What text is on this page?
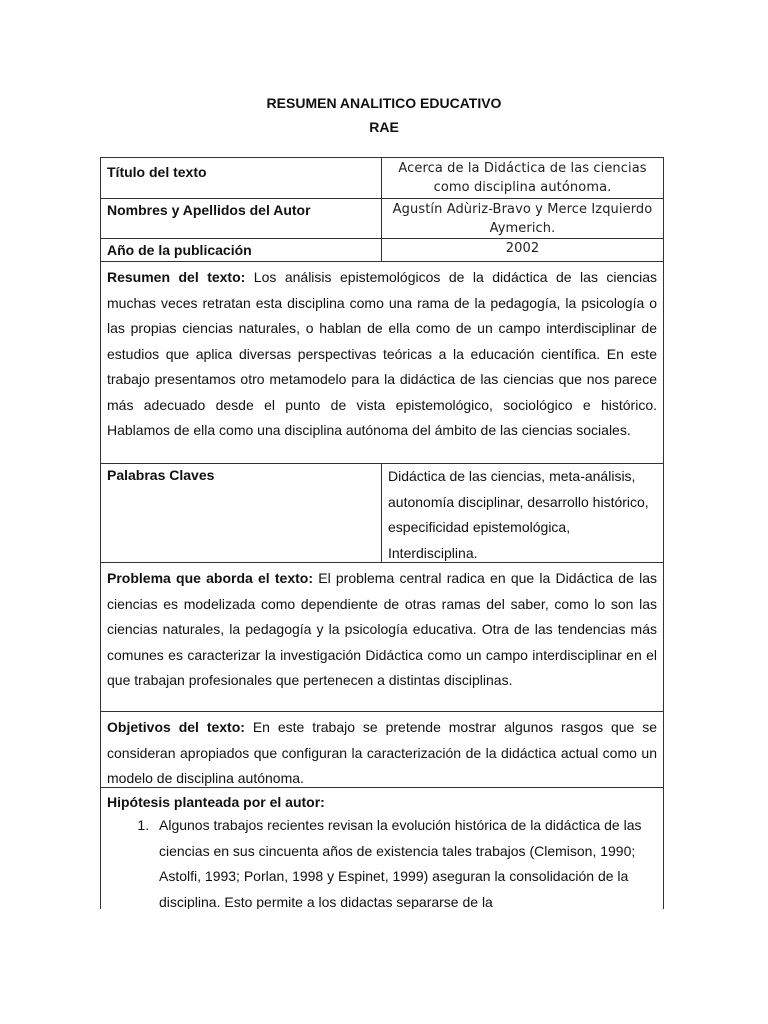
RESUMEN ANALITICO EDUCATIVO
RAE
Título del texto	Acerca de la Didáctica de las ciencias
como disciplina autónoma.
Nombres y Apellidos del Autor	Agustín Adùriz-Bravo y Merce Izquierdo
Aymerich.
Año de la publicación	2002

Resumen del texto: Los análisis epistemológicos de la didáctica de las ciencias muchas veces retratan esta disciplina como una rama de la pedagogía, la psicología o las propias ciencias naturales, o hablan de ella como de un campo interdisciplinar de estudios que aplica diversas perspectivas teóricas a la educación científica. En este trabajo presentamos otro metamodelo para la didáctica de las ciencias que nos parece más adecuado desde el punto de vista epistemológico, sociológico e histórico. Hablamos de ella como una disciplina autónoma del ámbito de las ciencias sociales.

Palabras Claves	Didáctica de las ciencias, meta-análisis, autonomía disciplinar, desarrollo histórico, especificidad epistemológica, Interdisciplina.

Problema que aborda el texto: El problema central radica en que la Didáctica de las ciencias es modelizada como dependiente de otras ramas del saber, como lo son las ciencias naturales, la pedagogía y la psicología educativa. Otra de las tendencias más comunes es caracterizar la investigación Didáctica como un campo interdisciplinar en el que trabajan profesionales que pertenecen a distintas disciplinas.

Objetivos del texto: En este trabajo se pretende mostrar algunos rasgos que se consideran apropiados que configuran la caracterización de la didáctica actual como un modelo de disciplina autónoma.

Hipótesis planteada por el autor:
1. Algunos trabajos recientes revisan la evolución histórica de la didáctica de las ciencias en sus cincuenta años de existencia tales trabajos (Clemison, 1990; Astolfi, 1993; Porlan, 1998 y Espinet, 1999) aseguran la consolidación de la disciplina. Esto permite a los didactas separarse de la
